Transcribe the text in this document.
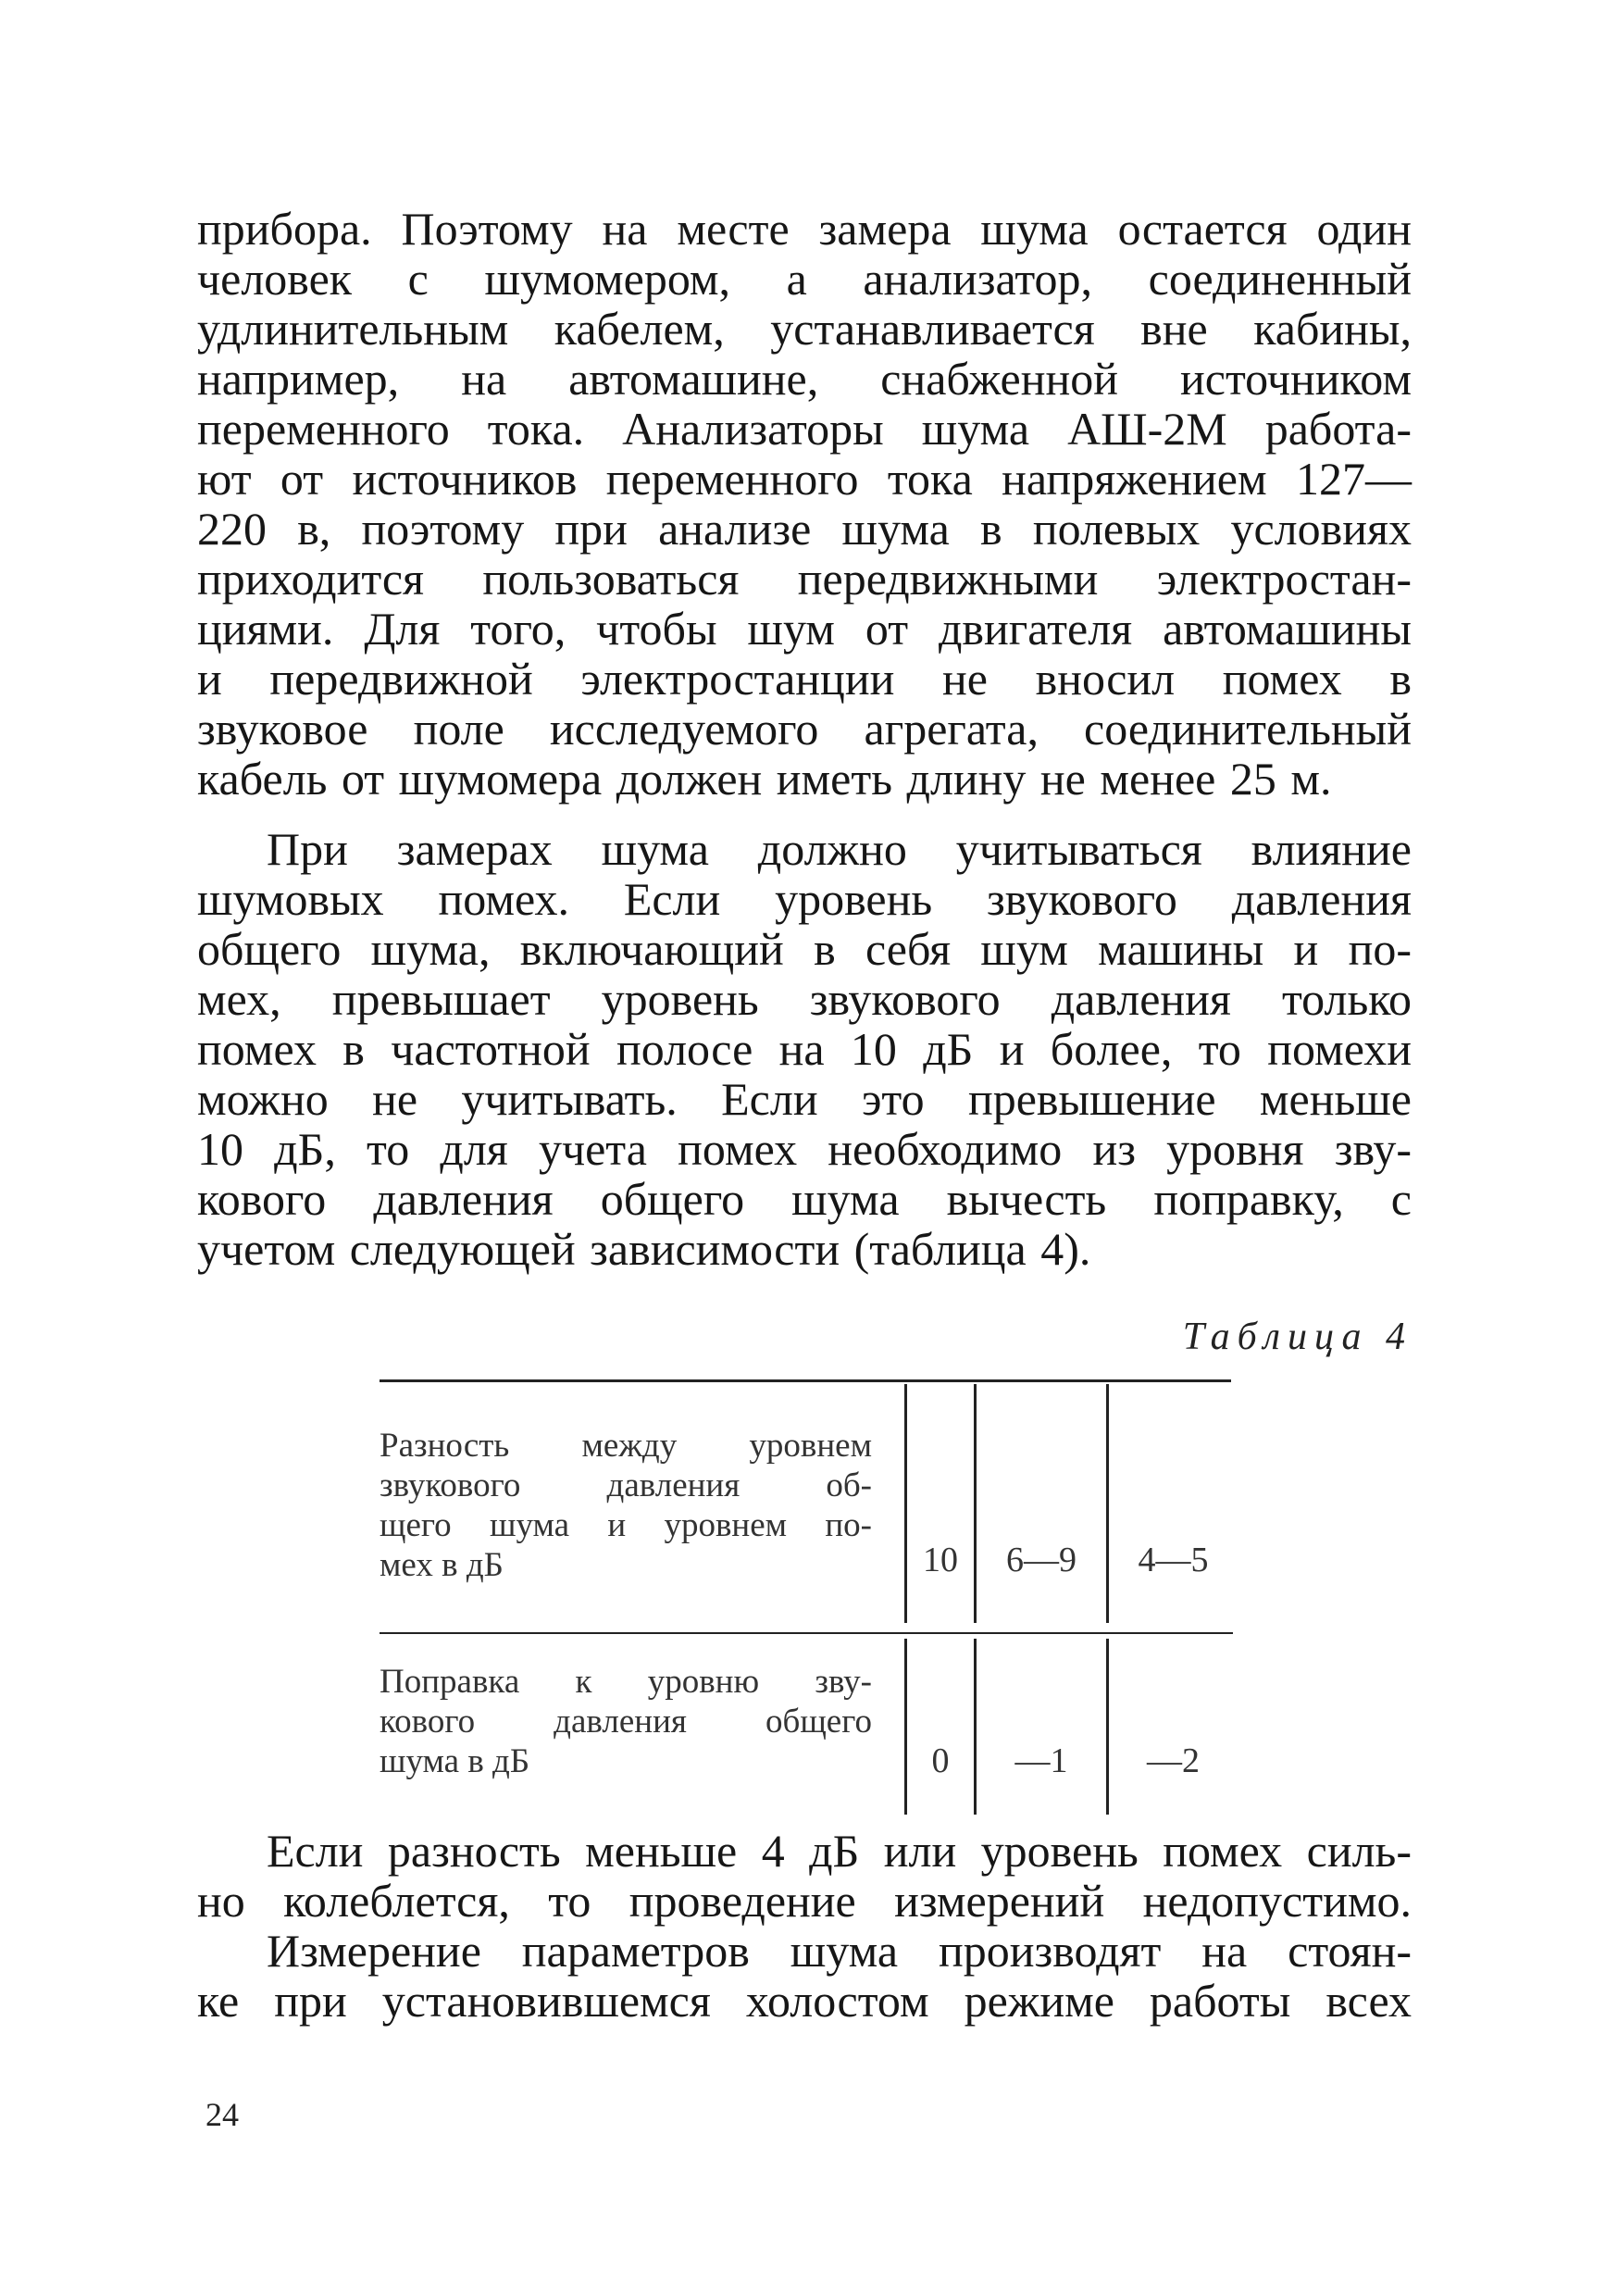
прибора. Поэтому на месте замера шума остается один
человек с шумомером, а анализатор, соединенный
удлинительным кабелем, устанавливается вне кабины,
например, на автомашине, снабженной источником
переменного тока. Анализаторы шума АШ-2М работа-
ют от источников переменного тока напряжением 127—
220 в, поэтому при анализе шума в полевых условиях
приходится пользоваться передвижными электростан-
циями. Для того, чтобы шум от двигателя автомашины
и передвижной электростанции не вносил помех в
звуковое поле исследуемого агрегата, соединительный
кабель от шумомера должен иметь длину не менее 25 м.
При замерах шума должно учитываться влияние
шумовых помех. Если уровень звукового давления
общего шума, включающий в себя шум машины и по-
мех, превышает уровень звукового давления только
помех в частотной полосе на 10 дБ и более, то помехи
можно не учитывать. Если это превышение меньше
10 дБ, то для учета помех необходимо из уровня зву-
кового давления общего шума вычесть поправку, с
учетом следующей зависимости (таблица 4).
Таблица 4
Разность между уровнем
звукового давления об-
щего шума и уровнем по-
мех в дБ	10	6—9	4—5
Поправка к уровню зву-
кового давления общего
шума в дБ	0	—1	—2
Если разность меньше 4 дБ или уровень помех силь-
но колеблется, то проведение измерений недопустимо.
Измерение параметров шума производят на стоян-
ке при установившемся холостом режиме работы всех
24
